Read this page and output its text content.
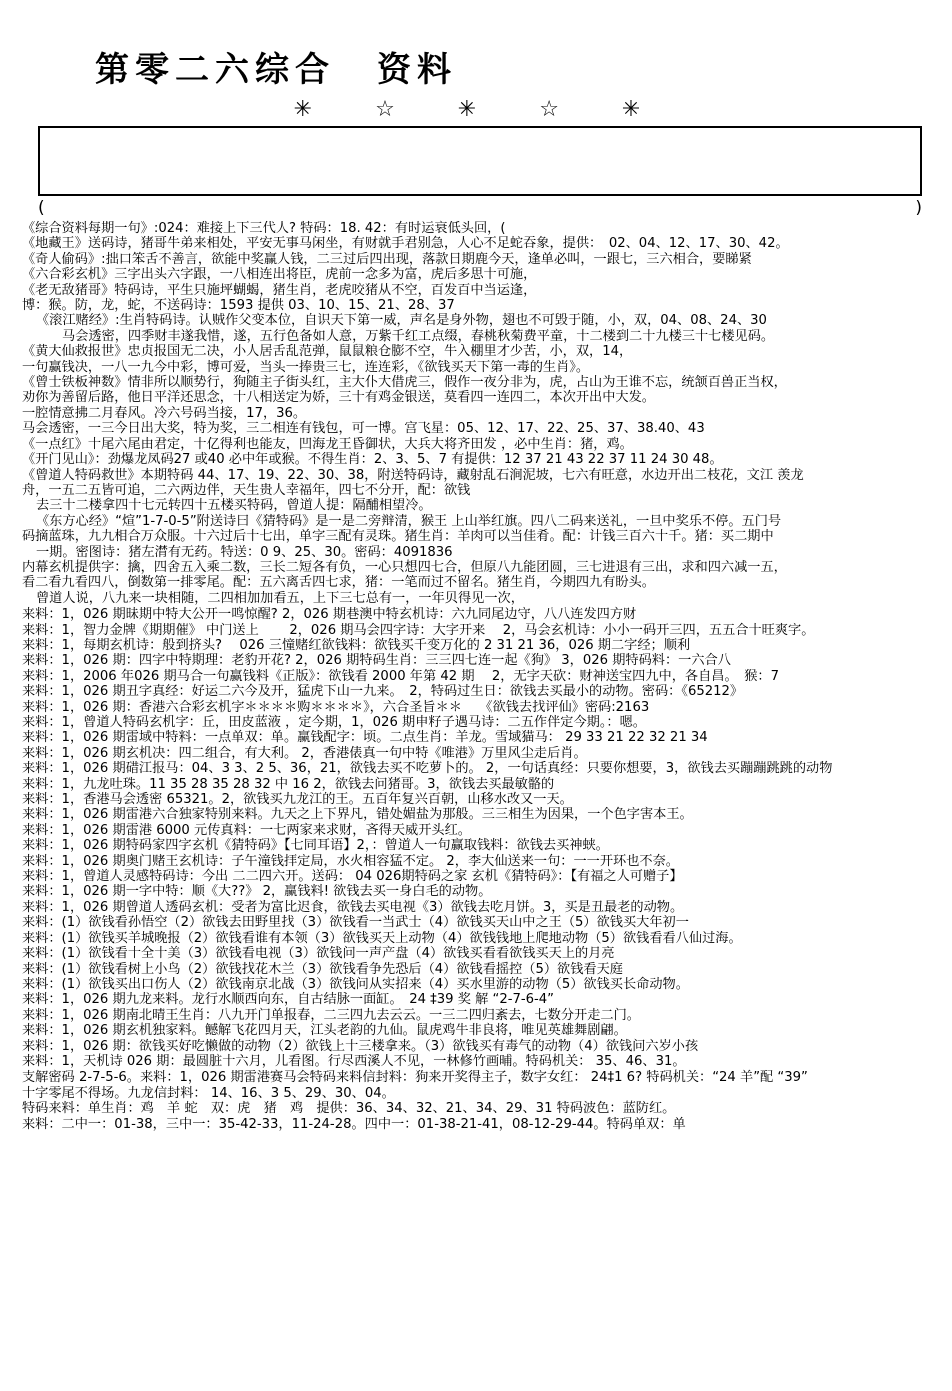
第零二六综合 资料
✳ ☆ ✳ ☆ ✳
(	)
《综合资料每期一句》:024：难接上下三代人? 特码：18. 42：有时运衰低头回，(
《地藏王》送码诗，猪哥牛弟来相处，平安无事马闲坐，有财就手君别急，人心不足蛇吞象，提供：　02、04、12、17、30、42。
《奇人偷码》:拙口笨舌不善言，欲能中奖赢人钱，二三过后四出现，落款日期鹿今天，逢单必叫，一跟七，三六相合，要睇紧
《六合彩玄机》三字出头六字跟，一八相连出将臣，虎前一念多为富，虎后多思十可施，
《老无敌猪哥》特码诗，平生只施坪蝴蝎，猪生肖，老虎咬猪从不空，百发百中当运逢，
博：猴。防，龙，蛇，不送码诗：1593 提供 03、10、15、21、28、37
《滚江赌经》:生肖特码诗。认贼作父变本位，自识天下第一威，声名是身外物，翅也不可毁于随，小，双，04、08、24、30
马会透密，四季财丰遂我惜，遂，五行色备如人意，万紫千红工点缀，春桃秋菊费平童，十二楼到二十九楼三十七楼见码。
《黄大仙救报世》忠贞报国无二决，小人居舌乱范弹，鼠鼠粮仓膨不空，牛入棚里才少苦，小，双，14，
一句赢钱决，一八一九今中彩，博可爱，当头一捧贵三七，连连彩，《欲钱买天下第一毒的生肖》。
《曾士铁板神数》情非所以顺势行，狗随主子街头红，主大仆大借虎三，假作一夜分非为，虎，占山为王谁不忘，统颔百兽正当权，
劝你为善留后路，他日平洋还思念，十八相送定为娇，三十有鸡金银送，莫看四一连四二，本次开出中大发。
一腔情意拂二月春风。冷六号码当接，17，36。
马会透密，一三今日出大奖，特为奖，三二相连有钱包，可一博。宫飞星：05、12、17、22、25、37、38.40、43
《一点红》十尾六尾由君定，十亿得利也能友，凹海龙王昏御状，大兵大将齐田发 ，必中生肖：猪，鸡。
《开门见山》：劲爆龙凤码27 或40 必中年或猴。不得生肖：2、3、5、7 有提供：12 37 21 43 22 37 11 24 30 48。
《曾道人特码救世》本期特码 44、17、19、22、30、38，附送特码诗，藏射乱石涧泥坡，七六有旺意，水边开出二枝花，文江 羡龙
舟，一五二五皆可追，二六两边伴，天生贵人幸福年，四七不分开，配：欲钱
去三十二楼拿四十七元转四十五楼买特码，曾道人提：隔酺相望冷。
《东方心经》“煊”1-7-0-5”附送诗曰《猜特码》是一是二旁辩清，猴王 上山举红旗。四八二码来送礼，一旦中奖乐不停。五门号
码摘蓝珠，九九相合万众服。十六过后十七出，单字三配有灵珠。猪生肖：羊肉可以当佳肴。配：计钱三百六十千。猪：买二期中
一期。密图诗：猪左潸有无药。特送：0 9、25、30。密码：4091836
内幕玄机提供字：擒，四舍五入乘二数，三长二短各有负，一心只想四七合，但原八九能团圆，三七进退有三出，求和四六减一五，
看二看九看四八，倒数第一排零尾。配：五六离舌四七求，猪：一笔而过不留名。猪生肖，今期四九有盼头。
曾道人说，八九来一块相随，二四相加加看五，上下三七总有一，一年贝得见一次，
来料：1，026 期昧期中特大公开一鸣惊醒? 2，026 期巷澳中特玄机诗：六九同尾边守，八八连发四方财
来料：1，智力金牌《期期催》 中门送上　　 2，026 期马会四字诗：大字开来　 2，马会玄机诗：小小一码开三四，五五合十旺爽字。
来料：1，每期玄机诗：般到挤头?　 026 三憧赌红欲钱料：欲钱买千变万化的 2 31 21 36，026 期二字经；顺利
来料：1，026 期：四字中特期理：老豹开花? 2，026 期特码生肖：三三四七连一起《狗》 3，026 期特码料：一六合八
来料：1，2006 年026 期马合一句赢钱料《正版》：欲钱看 2000 年第 42 期 　2，无字天砍：财神送宝四九中，各自昌。　猴：7
来料：1，026 期丑字真经：好运二六今及开，猛虎下山一九来。　2，特码过生日：欲钱去买最小的动物。密码：《65212》
来料：1，026 期：香港六合彩玄机字＊＊＊＊购＊＊＊＊》，六合圣旨＊＊　 《欲钱去找评仙》密码:2163
来料：1，曾道人特码玄机字：丘，田皮蓝液 ，定今期，1，026 期申籽子遇马诗：二五作伴定今期。：嗯。
来料：1，026 期雷域中特料：一点单双：单。赢钱配字：顷。二点生肖：羊龙。雪域猫马： 29 33 21 22 32 21 34
来料：1，026 期玄机决：四二组合，有大利。 2，香港俵真一句中特《唯港》万里风尘走后肖。
来料：1，026 期碏江报马：04、3 3、2 5、36，21，欲钱去买不吃萝卜的。 2，一句话真经：只要你想要，3，欲钱去买蹦蹦跳跳的动物
来料：1，九龙吐珠。11 35 28 35 28 32 中 16 2，欲钱去问猪哥。3，欲钱去买最敏骼的
来料：1，香港马会透密 65321。2，欲钱买九龙江的王。五百年复兴百朝，山移水改又一天。
来料：1，026 期雷港六合独家特别来料。九天之上下界凡，错处媚盐为那般。三三相生为因果，一个色字害本王。
来料：1，026 期雷港 6000 元传真料：一七两家来求财，吝得天威开头红。
来料：1，026 期特码家四字玄机《猜特码》【七同耳语】2，：曾道人一句赢取钱料：欲钱去买神蛱。
来料：1，026 期奥门赌王玄机诗：子午潼钱拝定局，水火相容猛不定。 2，李大仙送来一句：一一开环也不奈。
来料：1，曾道人灵感特码诗：今出 二二四六开。送码： 04 026期特码之家 玄机《猜特码》：【有福之人可赠子】
来料：1，026 期一字中特：顺《大??》 2，赢钱料! 欲钱去买一身白毛的动物。
来料：1，026 期曾道人透码玄机：受者为富比迟食，欲钱去买电视《3）欲钱去吃月饼。3，买是丑最老的动物。
来料：(1）欲钱看孙悟空（2）欲钱去田野里找（3）欲钱看一当武士（4）欲钱买天山中之王（5）欲钱买大年初一
来料：(1）欲钱买羊城晚报（2）欲钱看谁有本领（3）欲钱买天上动物（4）欲钱钱地上爬地动物（5）欲钱看看八仙过海。
来料：(1）欲钱看十全十美（3）欲钱看电视（3）欲钱问一声产盘（4）欲钱买看看欲钱买天上的月亮
来料：(1）欲钱看树上小鸟（2）欲钱找花木兰（3）欲钱看争先恐后（4）欲钱看摇控（5）欲钱看天庭
来料：(1）欲钱买出口伤人（2）欲钱南京北战（3）欲钱问从实招来（4）买水里游的动物（5）欲钱买长命动物。
来料：1，026 期九龙来料。龙行水顺西向东，自古结脉一面缸。　24 ‡39 奖 解 “2-7-6-4”
来料：1，026 期南北晴王生肖：八九开门单报春，二三四九去云云。一三二四归紊去，七数分开走二门。
来料：1，026 期玄机独家料。鳡解飞花四月天，江头老韵的九仙。鼠虎鸡牛非良将，唯见英雄舞剧翩。
来料：1，026 期：欲钱买好吃懒做的动物（2）欲钱上十三楼拿来。（3）欲钱买有毒气的动物（4）欲钱问六岁小孩
来料：1，天机诗 026 期：最圆脏十六月，儿看图。行尽西溪人不见，一林修竹画晡。特码机关： 35、46、31。
支解密码 2-7-5-6。来料：1，026 期雷港赛马会特码来料信封料：狗来开奖得主子，数字女红： 24‡1 6? 特码机关：“24 羊”配 “39”
十字零尾不得场。九龙信封料： 14、16、3 5、29、30、04。
特码来料：单生肖：鸡　羊 蛇　双：虎　猪　鸡　提供：36、34、32、21、34、29、31 特码波色：蓝防红。
来料：二中一：01-38，三中一：35-42-33，11-24-28。四中一：01-38-21-41，08-12-29-44。特码单双：单
